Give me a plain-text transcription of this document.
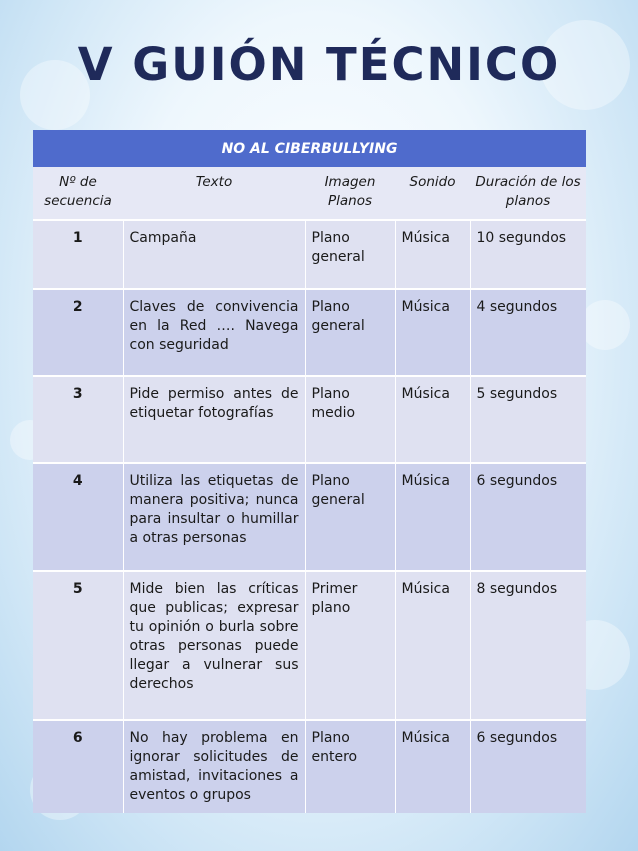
V GUIÓN TÉCNICO
NO AL CIBERBULLYING				
Nº de secuencia	Texto	Imagen Planos	Sonido	Duración de los planos
1	Campaña	Plano general	Música	10 segundos
2	Claves de convivencia en la Red …. Navega con seguridad	Plano general	Música	4 segundos
3	Pide permiso antes de etiquetar fotografías	Plano medio	Música	5 segundos
4	Utiliza las etiquetas de manera positiva; nunca para insultar o humillar a otras personas	Plano general	Música	6 segundos
5	Mide bien las críticas que publicas; expresar tu opinión o burla sobre otras personas puede llegar a vulnerar sus derechos	Primer plano	Música	8 segundos
6	No hay problema en ignorar solicitudes de amistad, invitaciones a eventos o grupos	Plano entero	Música	6 segundos
